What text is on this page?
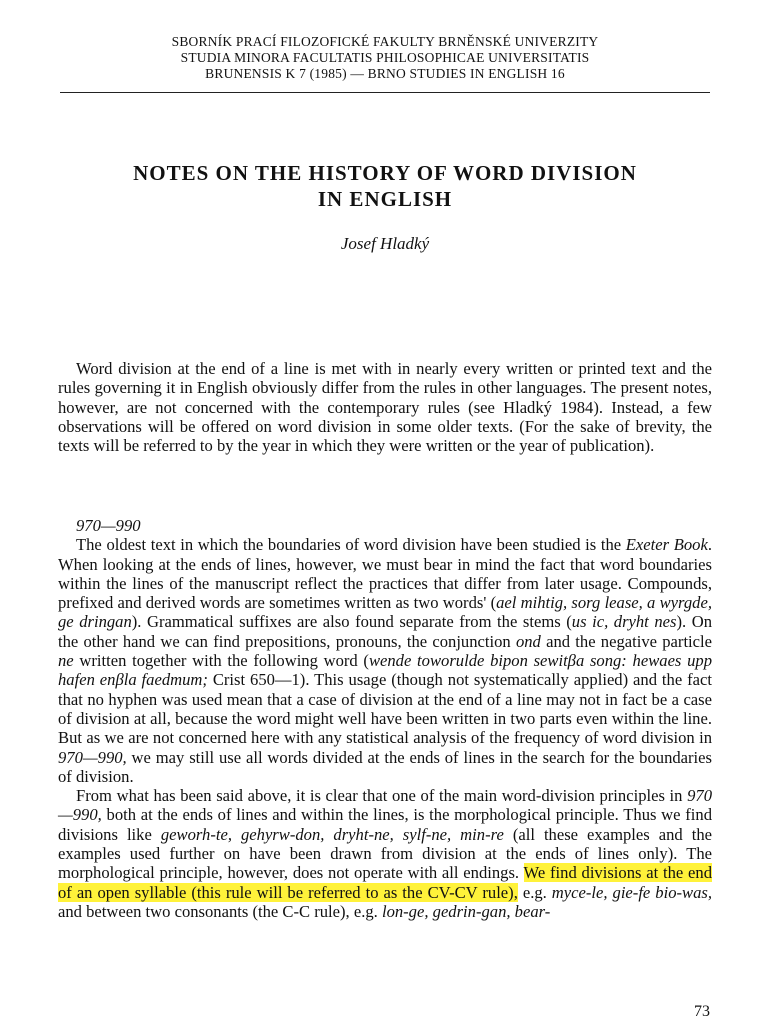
SBORNÍK PRACÍ FILOZOFICKÉ FAKULTY BRNĚNSKÉ UNIVERZITY
STUDIA MINORA FACULTATIS PHILOSOPHICAE UNIVERSITATIS
BRUNENSIS K 7 (1985) — BRNO STUDIES IN ENGLISH 16
NOTES ON THE HISTORY OF WORD DIVISION
IN ENGLISH
Josef Hladký

Word division at the end of a line is met with in nearly every written or printed text and the rules governing it in English obviously differ from the rules in other languages. The present notes, however, are not concerned with the contemporary rules (see Hladký 1984). Instead, a few observations will be offered on word division in some older texts. (For the sake of brevity, the texts will be referred to by the year in which they were written or the year of publication).

970—990

The oldest text in which the boundaries of word division have been studied is the Exeter Book. When looking at the ends of lines, however, we must bear in mind the fact that word boundaries within the lines of the manuscript reflect the practices that differ from later usage. Compounds, prefixed and derived words are sometimes written as two words' (ael mihtig, sorg lease, a wyrgde, ge dringan). Grammatical suffixes are also found separate from the stems (us ic, dryht nes). On the other hand we can find prepositions, pronouns, the conjunction ond and the negative particle ne written together with the following word (wende toworulde bipon sewitβa song: hewaes upp hafen enβla faedmum; Crist 650—1). This usage (though not systematically applied) and the fact that no hyphen was used mean that a case of division at the end of a line may not in fact be a case of division at all, because the word might well have been written in two parts even within the line. But as we are not concerned here with any statistical analysis of the frequency of word division in 970—990, we may still use all words divided at the ends of lines in the search for the boundaries of division.

From what has been said above, it is clear that one of the main word-division principles in 970—990, both at the ends of lines and within the lines, is the morphological principle. Thus we find divisions like geworh-te, gehyrw-don, dryht-ne, sylf-ne, min-re (all these examples and the examples used further on have been drawn from division at the ends of lines only). The morphological principle, however, does not operate with all endings. We find divisions at the end of an open syllable (this rule will be referred to as the CV-CV rule), e.g. myce-le, gie-fe bio-was, and between two consonants (the C-C rule), e.g. lon-ge, gedrin-gan, bear-

73
